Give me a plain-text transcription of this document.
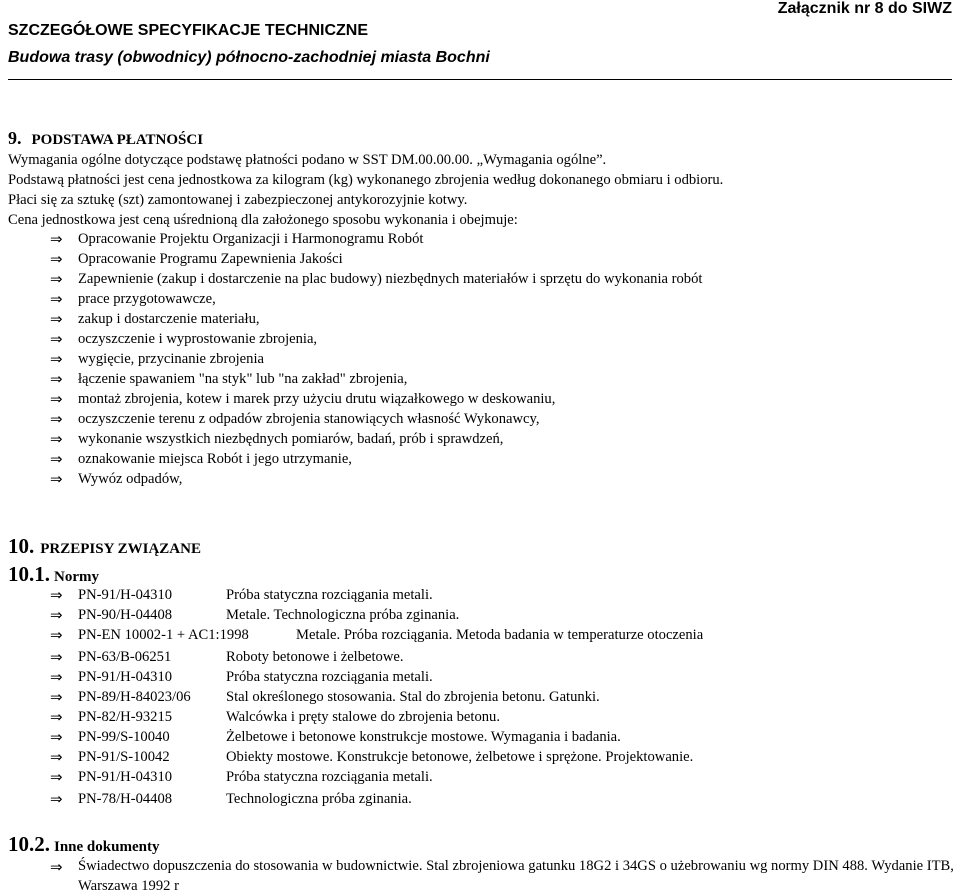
Załącznik nr 8 do SIWZ
SZCZEGÓŁOWE SPECYFIKACJE TECHNICZNE
Budowa trasy (obwodnicy) północno-zachodniej miasta Bochni
9. PODSTAWA PŁATNOŚCI
Wymagania ogólne dotyczące podstawę płatności podano w SST DM.00.00.00. „Wymagania ogólne”.
Podstawą płatności jest cena jednostkowa za kilogram (kg) wykonanego zbrojenia według dokonanego obmiaru i odbioru.
Płaci się za sztukę (szt) zamontowanej i zabezpieczonej antykorozyjnie kotwy.
Cena jednostkowa jest ceną uśrednioną dla założonego sposobu wykonania i obejmuje:
⇒ Opracowanie Projektu Organizacji i Harmonogramu Robót
⇒ Opracowanie Programu Zapewnienia Jakości
⇒ Zapewnienie (zakup i dostarczenie na plac budowy) niezbędnych materiałów i sprzętu do wykonania robót
⇒ prace przygotowawcze,
⇒ zakup i dostarczenie materiału,
⇒ oczyszczenie i wyprostowanie zbrojenia,
⇒ wygięcie, przycinanie zbrojenia
⇒ łączenie spawaniem "na styk" lub "na zakład" zbrojenia,
⇒ montaż zbrojenia, kotew i marek przy użyciu drutu wiązałkowego w deskowaniu,
⇒ oczyszczenie terenu z odpadów zbrojenia stanowiących własność Wykonawcy,
⇒ wykonanie wszystkich niezbędnych pomiarów, badań, prób i sprawdzeń,
⇒ oznakowanie miejsca Robót i jego utrzymanie,
⇒ Wywóz odpadów,
10. PRZEPISY ZWIĄZANE
10.1. Normy
⇒ PN-91/H-04310	Próba statyczna rozciągania metali.
⇒ PN-90/H-04408	Metale. Technologiczna próba zginania.
⇒ PN-EN 10002-1 + AC1:1998	Metale. Próba rozciągania. Metoda badania w temperaturze otoczenia
⇒ PN-63/B-06251	Roboty betonowe i żelbetowe.
⇒ PN-91/H-04310	Próba statyczna rozciągania metali.
⇒ PN-89/H-84023/06 Stal określonego stosowania. Stal do zbrojenia betonu. Gatunki.
⇒ PN-82/H-93215	Walcówka i pręty stalowe do zbrojenia betonu.
⇒ PN-99/S-10040	Żelbetowe i betonowe konstrukcje mostowe. Wymagania i badania.
⇒ PN-91/S-10042	Obiekty mostowe. Konstrukcje betonowe, żelbetowe i sprężone. Projektowanie.
⇒ PN-91/H-04310	Próba statyczna rozciągania metali.
⇒ PN-78/H-04408	Technologiczna próba zginania.
10.2. Inne dokumenty
⇒ Świadectwo dopuszczenia do stosowania w budownictwie. Stal zbrojeniowa gatunku 18G2 i 34GS o użebrowaniu wg normy DIN 488. Wydanie ITB, Warszawa 1992 r
